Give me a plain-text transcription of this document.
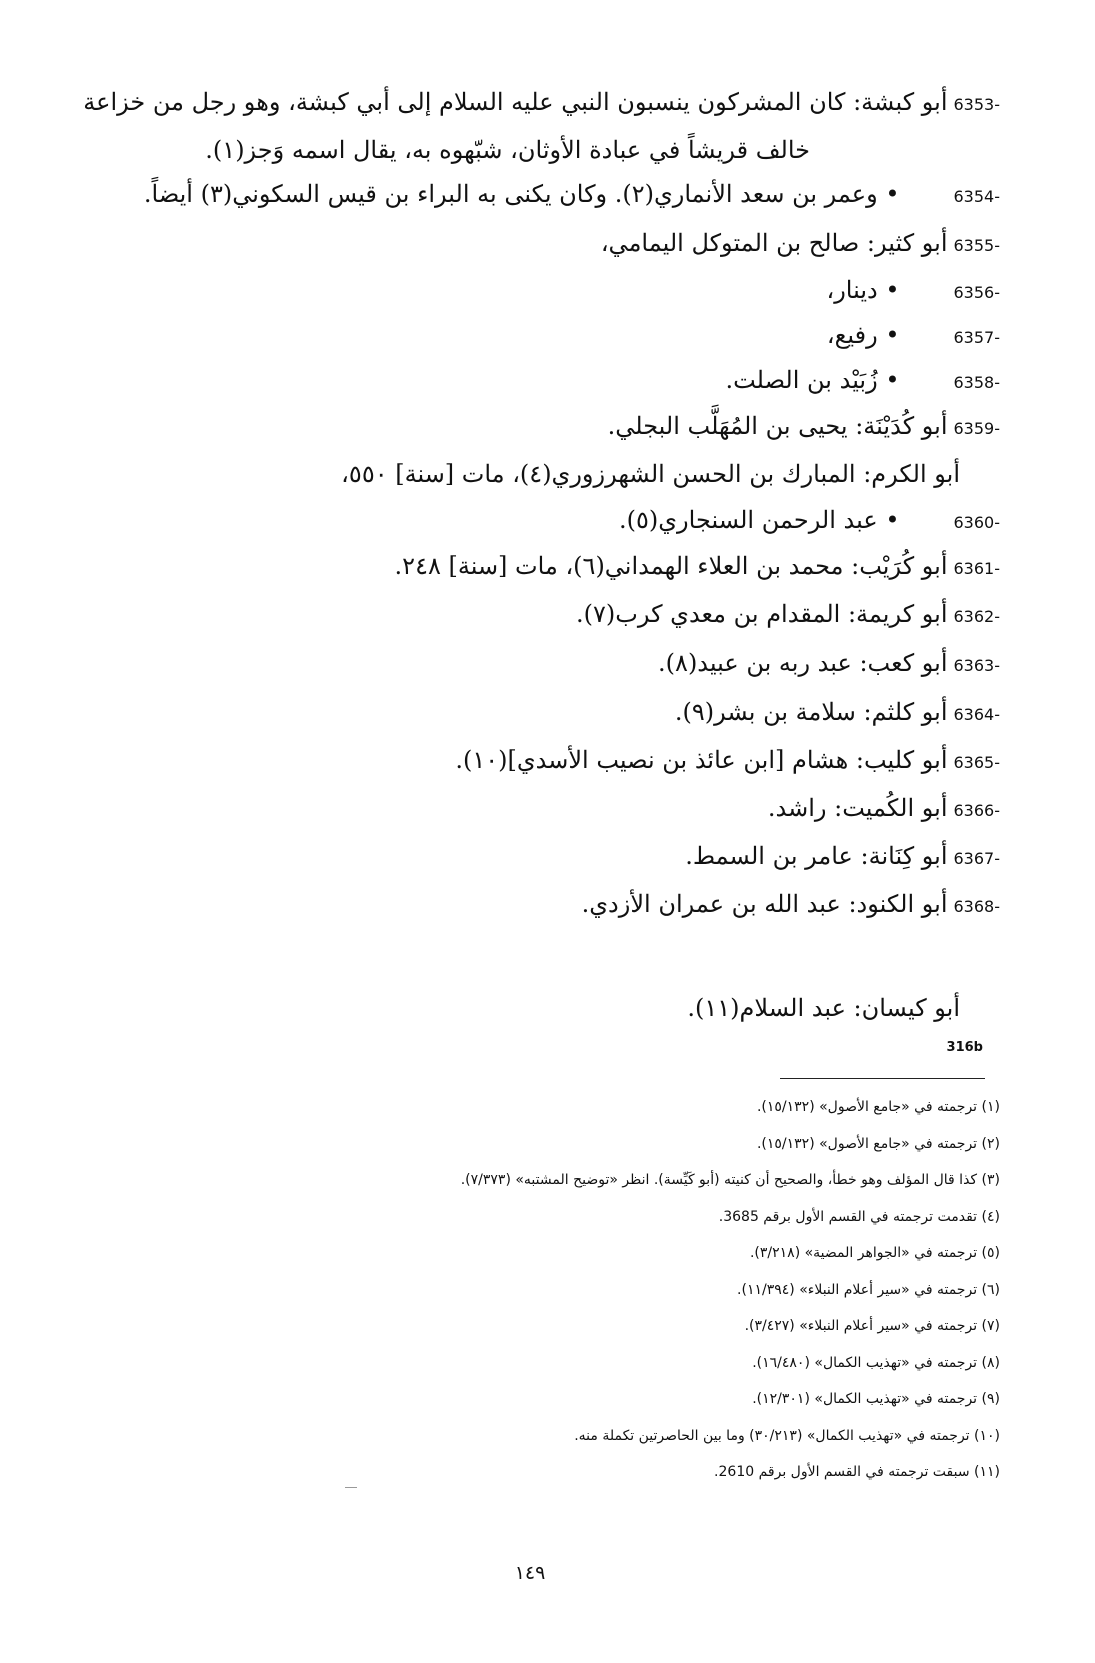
6353-أبو كبشة: كان المشركون ينسبون النبي عليه السلام إلى أبي كبشة، وهو رجل من خزاعة
خالف قريشاً في عبادة الأوثان، شبّهوه به، يقال اسمه وَجز(١).
6354-• وعمر بن سعد الأنماري(٢). وكان يكنى به البراء بن قيس السكوني(٣) أيضاً.
6355-أبو كثير: صالح بن المتوكل اليمامي،
6356-• دينار،
6357-• رفيع،
6358-• زُبَيْد بن الصلت.
6359-أبو كُدَيْنَة: يحيى بن المُهَلَّب البجلي.
أبو الكرم: المبارك بن الحسن الشهرزوري(٤)، مات [سنة] ٥٥٠،
6360-• عبد الرحمن السنجاري(٥).
6361-أبو كُرَيْب: محمد بن العلاء الهمداني(٦)، مات [سنة] ٢٤٨.
6362-أبو كريمة: المقدام بن معدي كرب(٧).
6363-أبو كعب: عبد ربه بن عبيد(٨).
6364-أبو كلثم: سلامة بن بشر(٩).
6365-أبو كليب: هشام [ابن عائذ بن نصيب الأسدي](١٠).
6366-أبو الكُميت: راشد.
6367-أبو كِنَانة: عامر بن السمط.
6368-أبو الكنود: عبد الله بن عمران الأزدي.
أبو كيسان: عبد السلام(١١).
316b
(١) ترجمته في «جامع الأصول» (١٥/١٣٢).
(٢) ترجمته في «جامع الأصول» (١٥/١٣٢).
(٣) كذا قال المؤلف وهو خطأ، والصحيح أن كنيته (أبو كَيِّسة). انظر «توضيح المشتبه» (٧/٣٧٣).
(٤) تقدمت ترجمته في القسم الأول برقم 3685.
(٥) ترجمته في «الجواهر المضية» (٣/٢١٨).
(٦) ترجمته في «سير أعلام النبلاء» (١١/٣٩٤).
(٧) ترجمته في «سير أعلام النبلاء» (٣/٤٢٧).
(٨) ترجمته في «تهذيب الكمال» (١٦/٤٨٠).
(٩) ترجمته في «تهذيب الكمال» (١٢/٣٠١).
(١٠) ترجمته في «تهذيب الكمال» (٣٠/٢١٣) وما بين الحاصرتين تكملة منه.
(١١) سبقت ترجمته في القسم الأول برقم 2610.
١٤٩
